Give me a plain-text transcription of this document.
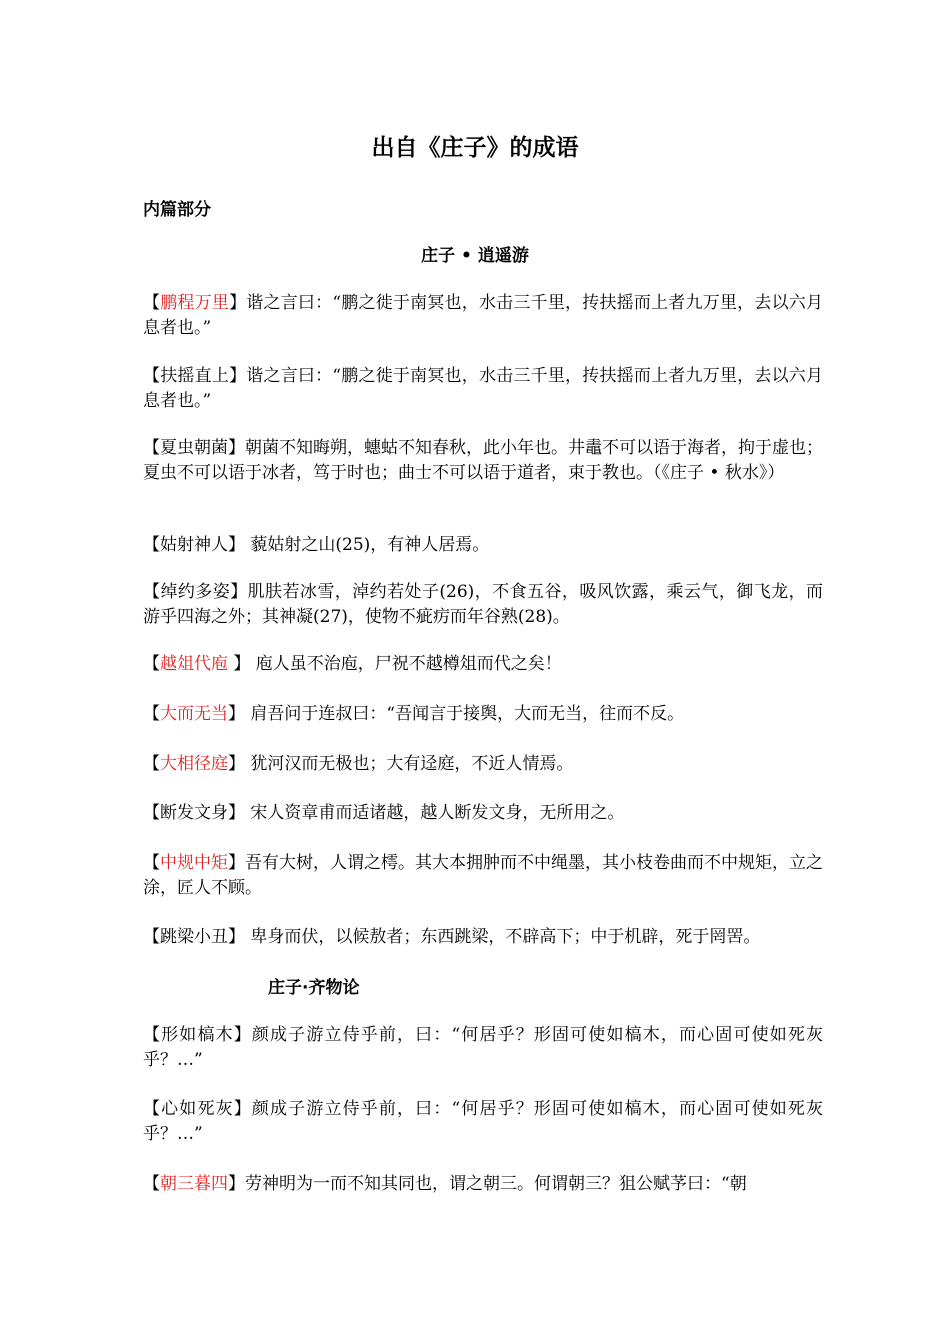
出自《庄子》的成语
内篇部分
庄子 • 逍遥游
【鹏程万里】谐之言曰：“鹏之徙于南冥也，水击三千里，抟扶摇而上者九万里，去以六月息者也。”
【扶摇直上】谐之言曰：“鹏之徙于南冥也，水击三千里，抟扶摇而上者九万里，去以六月息者也。”
【夏虫朝菌】朝菌不知晦朔，蟪蛄不知春秋，此小年也。井鼃不可以语于海者，拘于虚也；夏虫不可以语于冰者，笃于时也；曲士不可以语于道者，束于教也。（《庄子 • 秋水》）
【姑射神人】 藐姑射之山(25)，有神人居焉。
【绰约多姿】肌肤若冰雪，淖约若处子(26)，不食五谷，吸风饮露，乘云气，御飞龙，而游乎四海之外；其神凝(27)，使物不疵疠而年谷熟(28)。
【越俎代庖 】 庖人虽不治庖，尸祝不越樽俎而代之矣！
【大而无当】 肩吾问于连叔曰：“吾闻言于接舆，大而无当，往而不反。
【大相径庭】 犹河汉而无极也；大有迳庭，不近人情焉。
【断发文身】 宋人资章甫而适诸越，越人断发文身，无所用之。
【中规中矩】吾有大树，人谓之樗。其大本拥肿而不中绳墨，其小枝卷曲而不中规矩，立之涂，匠人不顾。
【跳梁小丑】 卑身而伏，以候敖者；东西跳梁，不辟高下；中于机辟，死于罔罟。
庄子·齐物论
【形如槁木】颜成子游立侍乎前，曰：“何居乎？形固可使如槁木，而心固可使如死灰乎？…”
【心如死灰】颜成子游立侍乎前，曰：“何居乎？形固可使如槁木，而心固可使如死灰乎？…”
【朝三暮四】劳神明为一而不知其同也，谓之朝三。何谓朝三？狙公赋芧曰：“朝
